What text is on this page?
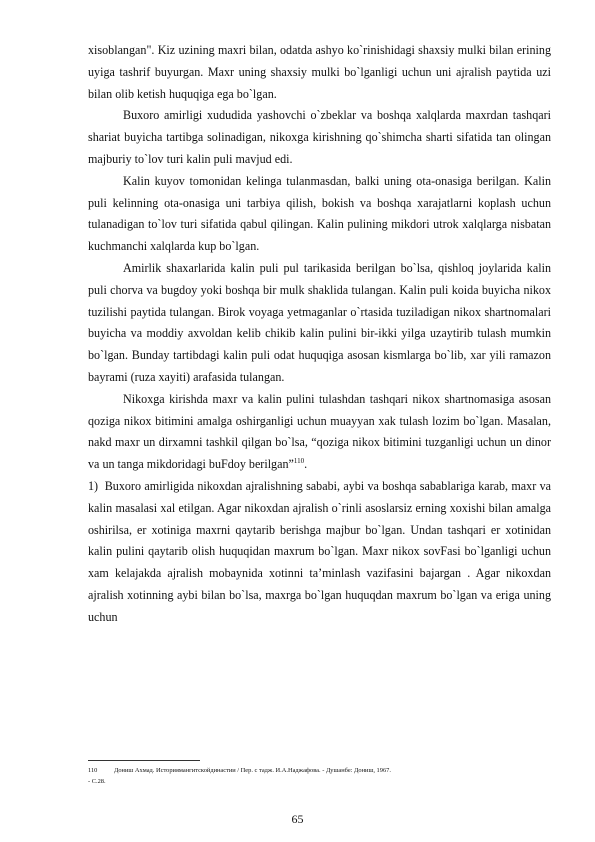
xisoblangan". Kiz uzining maxri bilan, odatda ashyo ko`rinishidagi shaxsiy mulki bilan erining uyiga tashrif buyurgan. Maxr uning shaxsiy mulki bo`lganligi uchun uni ajralish paytida uzi bilan olib ketish huquqiga ega bo`lgan.

Buxoro amirligi xududida yashovchi o`zbeklar va boshqa xalqlarda maxrdan tashqari shariat buyicha tartibga solinadigan, nikoxga kirishning qo`shimcha sharti sifatida tan olingan majburiy to`lov turi kalin puli mavjud edi.

Kalin kuyov tomonidan kelinga tulanmasdan, balki uning ota-onasiga berilgan. Kalin puli kelinning ota-onasiga uni tarbiya qilish, bokish va boshqa xarajatlarni koplash uchun tulanadigan to`lov turi sifatida qabul qilingan. Kalin pulining mikdori utrok xalqlarga nisbatan kuchmanchi xalqlarda kup bo`lgan.

Amirlik shaxarlarida kalin puli pul tarikasida berilgan bo`lsa, qishloq joylarida kalin puli chorva va bugdoy yoki boshqa bir mulk shaklida tulangan. Kalin puli koida buyicha nikox tuzilishi paytida tulangan. Birok voyaga yetmaganlar o`rtasida tuziladigan nikox shartnomalari buyicha va moddiy axvoldan kelib chikib kalin pulini bir-ikki yilga uzaytirib tulash mumkin bo`lgan. Bunday tartibdagi kalin puli odat huquqiga asosan kismlarga bo`lib, xar yili ramazon bayrami (ruza xayiti) arafasida tulangan.

Nikoxga kirishda maxr va kalin pulini tulashdan tashqari nikox shartnomasiga asosan qoziga nikox bitimini amalga oshirganligi uchun muayyan xak tulash lozim bo`lgan. Masalan, nakd maxr un dirxamni tashkil qilgan bo`lsa, “qoziga nikox bitimini tuzganligi uchun un dinor va un tanga mikdoridagi buFdoy berilgan”$^{110}$.

1)  Buxoro amirligida nikoxdan ajralishning sababi, aybi va boshqa sabablariga karab, maxr va kalin masalasi xal etilgan. Agar nikoxdan ajralish o`rinli asoslarsiz erning xoxishi bilan amalga oshirilsa, er xotiniga maxrni qaytarib berishga majbur bo`lgan. Undan tashqari er xotinidan kalin pulini qaytarib olish huquqidan maxrum bo`lgan. Maxr nikox sovFasi bo`lganligi uchun xam kelajakda ajralish mobaynida xotinni ta’minlash vazifasini bajargan . Agar nikoxdan ajralish xotinning aybi bilan bo`lsa, maxrga bo`lgan huquqdan maxrum bo`lgan va eriga uning uchun

110	Дониш Ахмад. Историямангитскойдинастии / Пер. с тадж. И.А.Наджафова. - Душанбе: Дониш, 1967.
- С.28.
65
